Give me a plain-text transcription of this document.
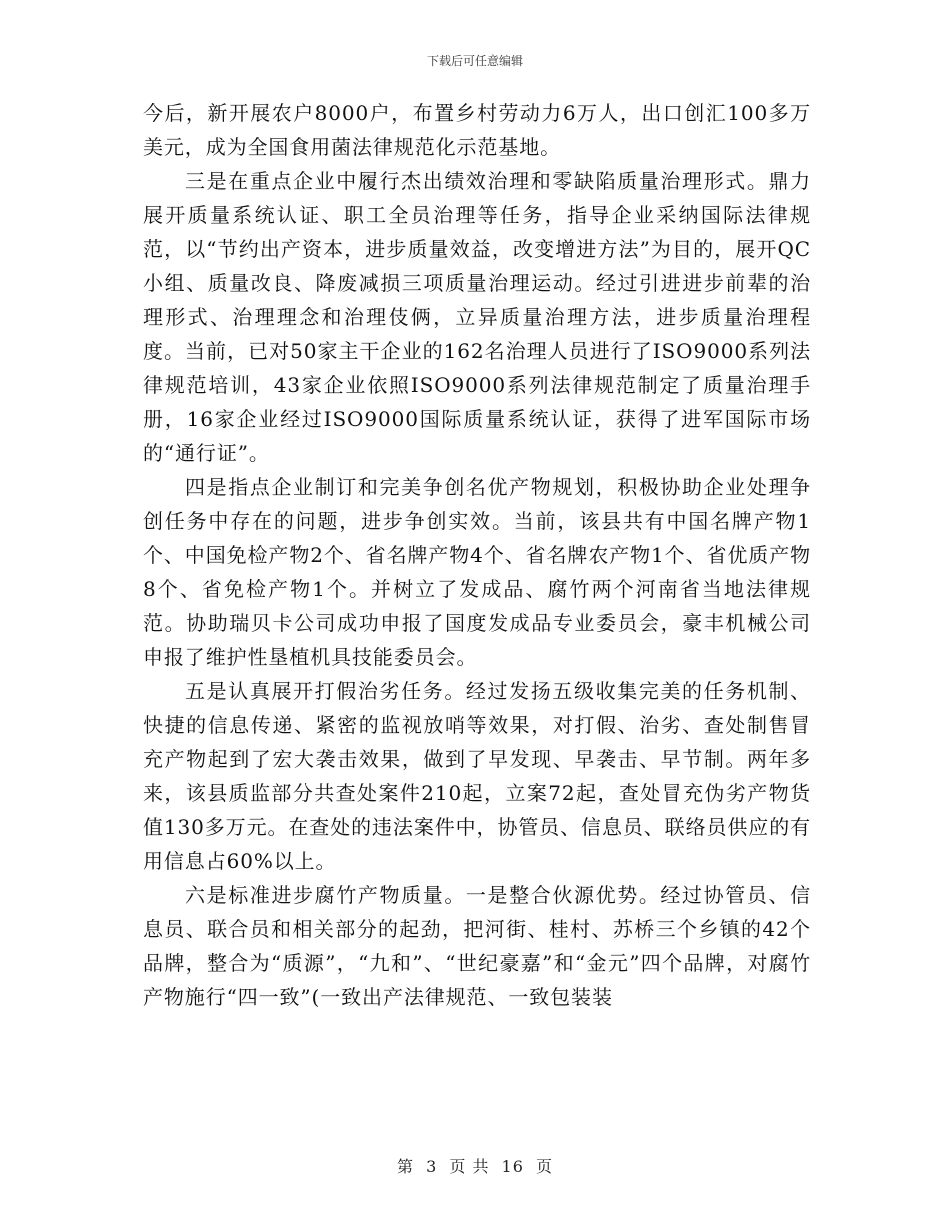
下载后可任意编辑

今后，新开展农户8000户，布置乡村劳动力6万人，出口创汇100多万美元，成为全国食用菌法律规范化示范基地。

三是在重点企业中履行杰出绩效治理和零缺陷质量治理形式。鼎力展开质量系统认证、职工全员治理等任务，指导企业采纳国际法律规范，以“节约出产资本，进步质量效益，改变增进方法”为目的，展开QC小组、质量改良、降废减损三项质量治理运动。经过引进进步前辈的治理形式、治理理念和治理伎俩，立异质量治理方法，进步质量治理程度。当前，已对50家主干企业的162名治理人员进行了ISO9000系列法律规范培训，43家企业依照ISO9000系列法律规范制定了质量治理手册，16家企业经过ISO9000国际质量系统认证，获得了进军国际市场的“通行证”。

四是指点企业制订和完美争创名优产物规划，积极协助企业处理争创任务中存在的问题，进步争创实效。当前，该县共有中国名牌产物1个、中国免检产物2个、省名牌产物4个、省名牌农产物1个、省优质产物8个、省免检产物1个。并树立了发成品、腐竹两个河南省当地法律规范。协助瑞贝卡公司成功申报了国度发成品专业委员会，豪丰机械公司申报了维护性垦植机具技能委员会。

五是认真展开打假治劣任务。经过发扬五级收集完美的任务机制、快捷的信息传递、紧密的监视放哨等效果，对打假、治劣、查处制售冒充产物起到了宏大袭击效果，做到了早发现、早袭击、早节制。两年多来，该县质监部分共查处案件210起，立案72起，查处冒充伪劣产物货值130多万元。在查处的违法案件中，协管员、信息员、联络员供应的有用信息占60%以上。

六是标准进步腐竹产物质量。一是整合伙源优势。经过协管员、信息员、联合员和相关部分的起劲，把河街、桂村、苏桥三个乡镇的42个品牌，整合为“质源”，“九和”、“世纪豪嘉”和“金元”四个品牌，对腐竹产物施行“四一致”(一致出产法律规范、一致包装装

第 3 页 共 16 页
